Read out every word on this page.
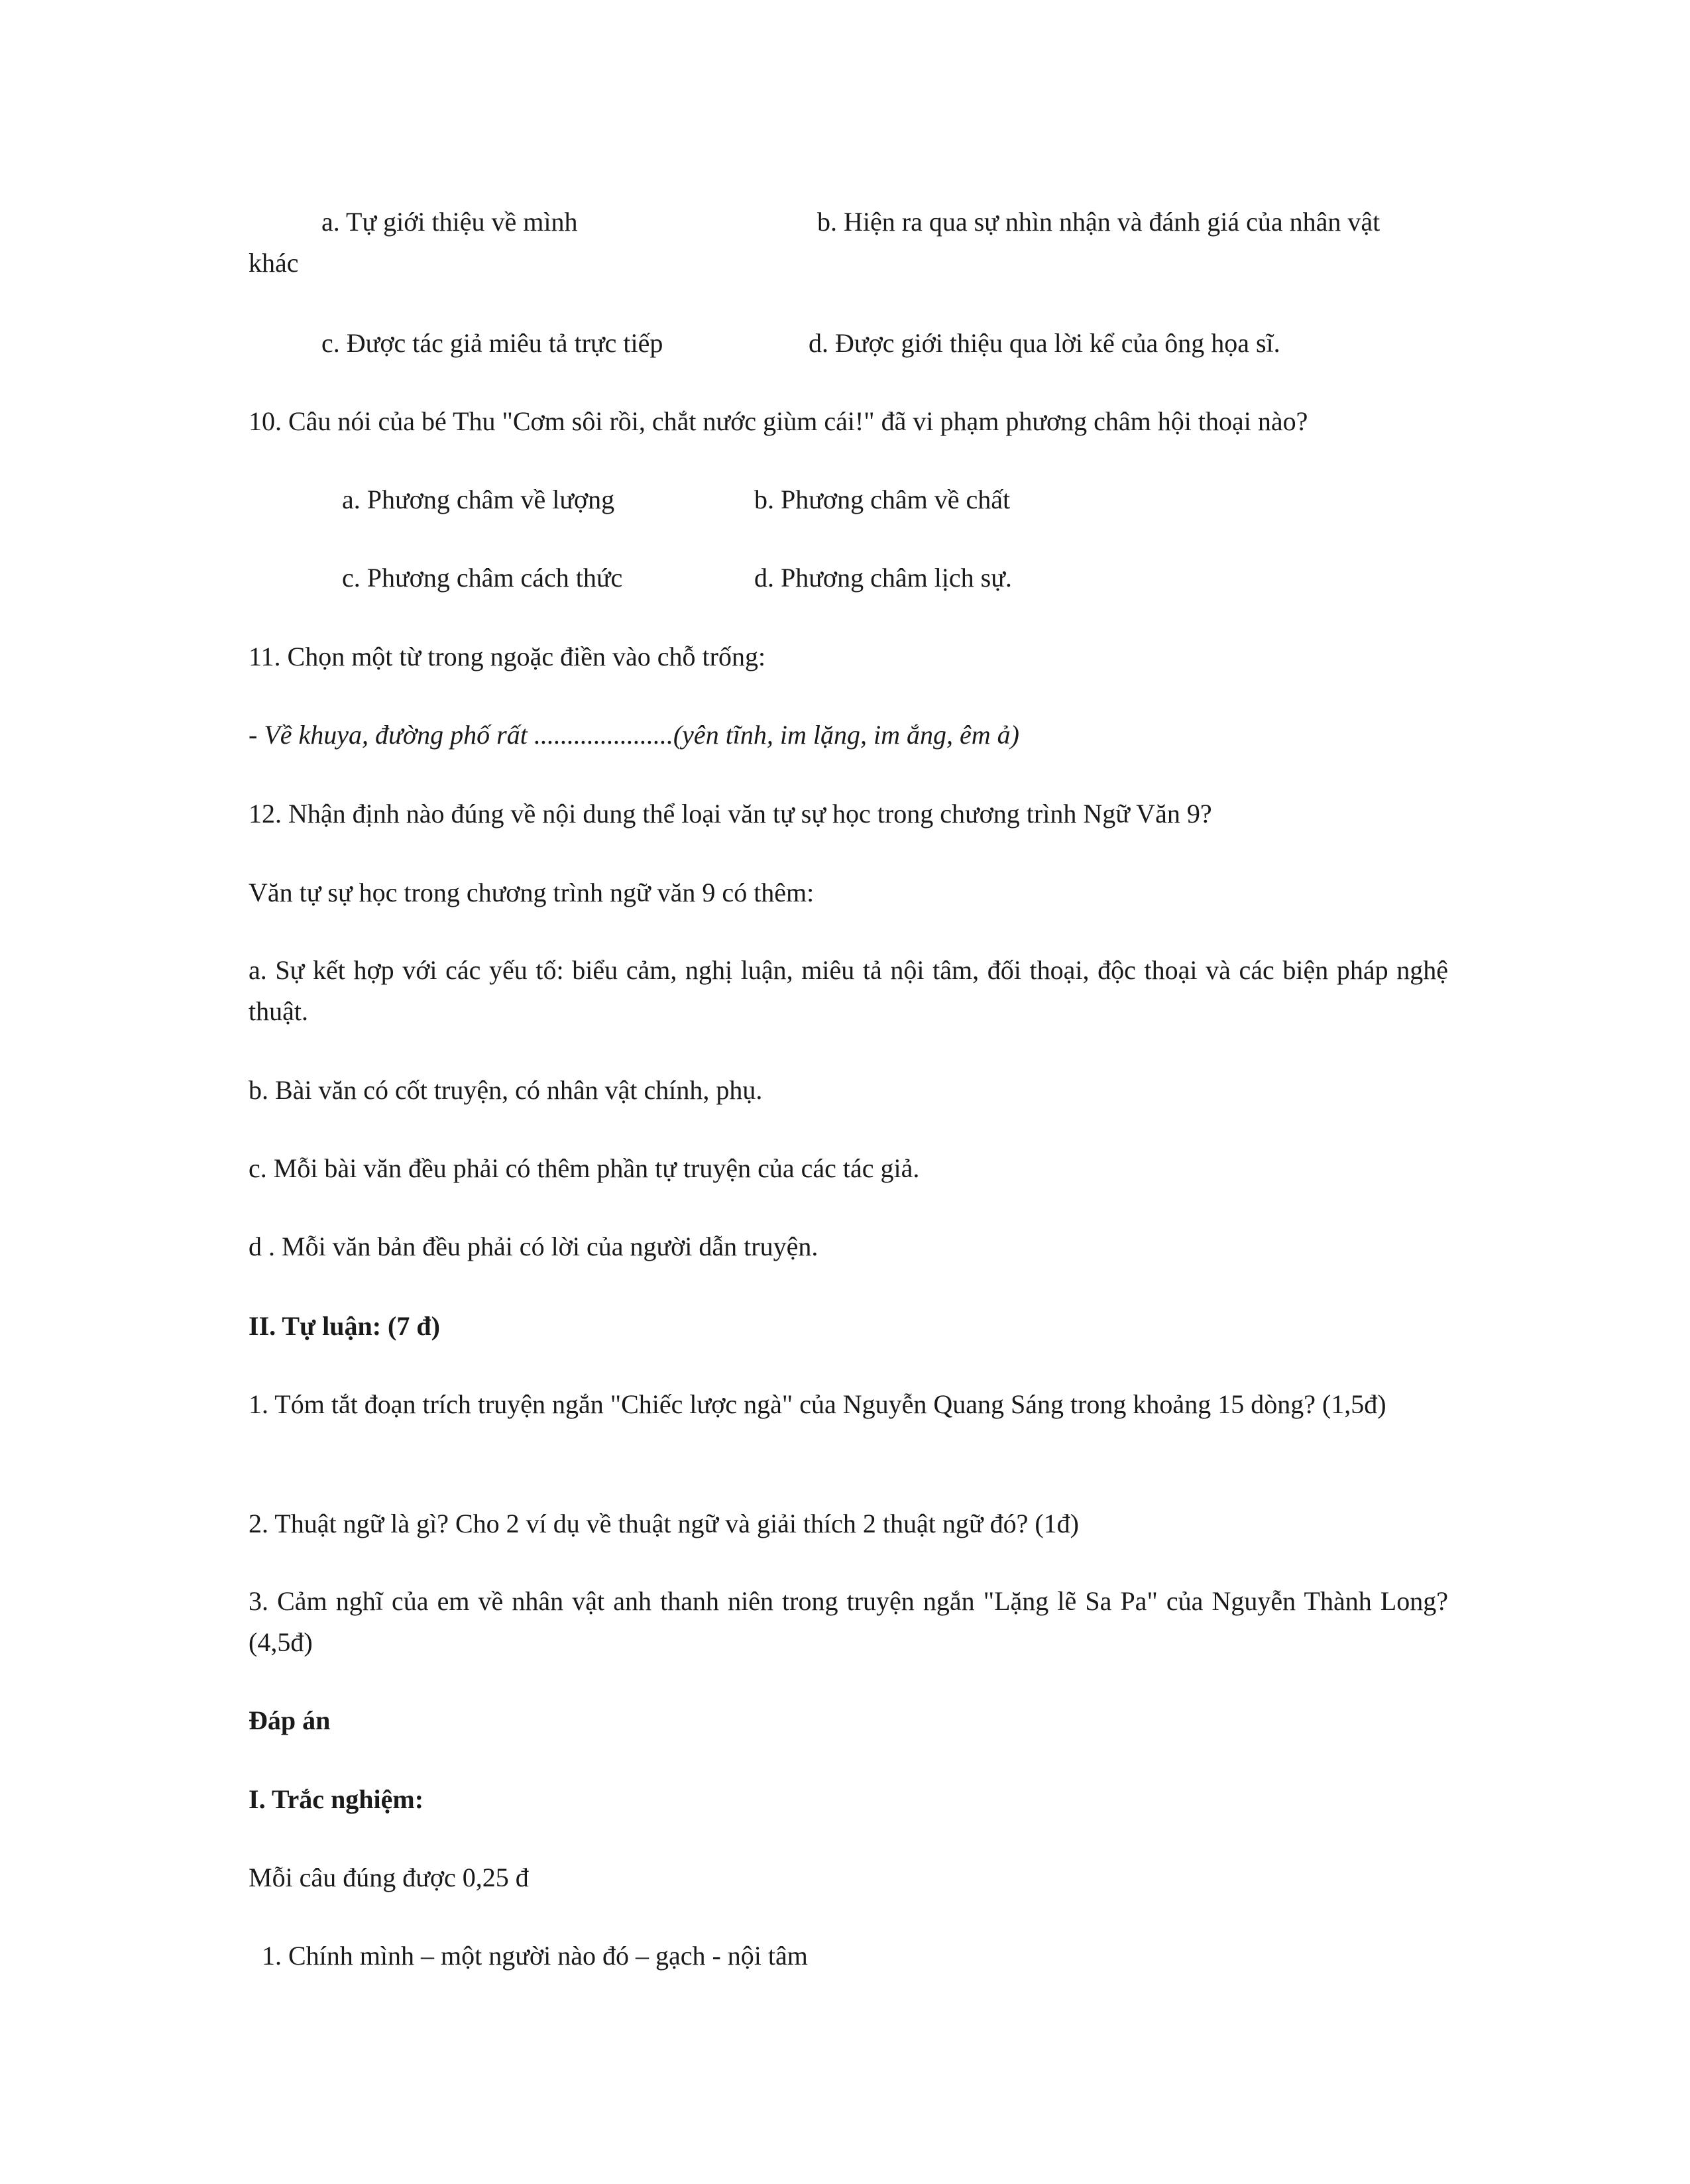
a. Tự giới thiệu về mình	b. Hiện ra qua sự nhìn nhận và đánh giá của nhân vật
khác
c. Được tác giả miêu tả trực tiếp	d. Được giới thiệu qua lời kể của ông họa sĩ.

10. Câu nói của bé Thu "Cơm sôi rồi, chắt nước giùm cái!" đã vi phạm phương châm hội thoại nào?

a. Phương châm về lượng	b. Phương châm về chất
c. Phương châm cách thức	d. Phương châm lịch sự.

11. Chọn một từ trong ngoặc điền vào chỗ trống:

- Về khuya, đường phố rất .....................(yên tĩnh, im lặng, im ắng, êm ả)

12. Nhận định nào đúng về nội dung thể loại văn tự sự học trong chương trình Ngữ Văn 9?

Văn tự sự học trong chương trình ngữ văn 9 có thêm:

a. Sự kết hợp với các yếu tố: biểu cảm, nghị luận, miêu tả nội tâm, đối thoại, độc thoại và các biện pháp nghệ thuật.

b. Bài văn có cốt truyện, có nhân vật chính, phụ.

c. Mỗi bài văn đều phải có thêm phần tự truyện của các tác giả.

d . Mỗi văn bản đều phải có lời của người dẫn truyện.

II. Tự luận: (7 đ)

1. Tóm tắt đoạn trích truyện ngắn "Chiếc lược ngà" của Nguyễn Quang Sáng trong khoảng 15 dòng? (1,5đ)

2. Thuật ngữ là gì? Cho 2 ví dụ về thuật ngữ và giải thích 2 thuật ngữ đó? (1đ)

3. Cảm nghĩ của em về nhân vật anh thanh niên trong truyện ngắn "Lặng lẽ Sa Pa" của Nguyễn Thành Long? (4,5đ)

Đáp án

I. Trắc nghiệm:

Mỗi câu đúng được 0,25 đ

1. Chính mình – một người nào đó – gạch - nội tâm
